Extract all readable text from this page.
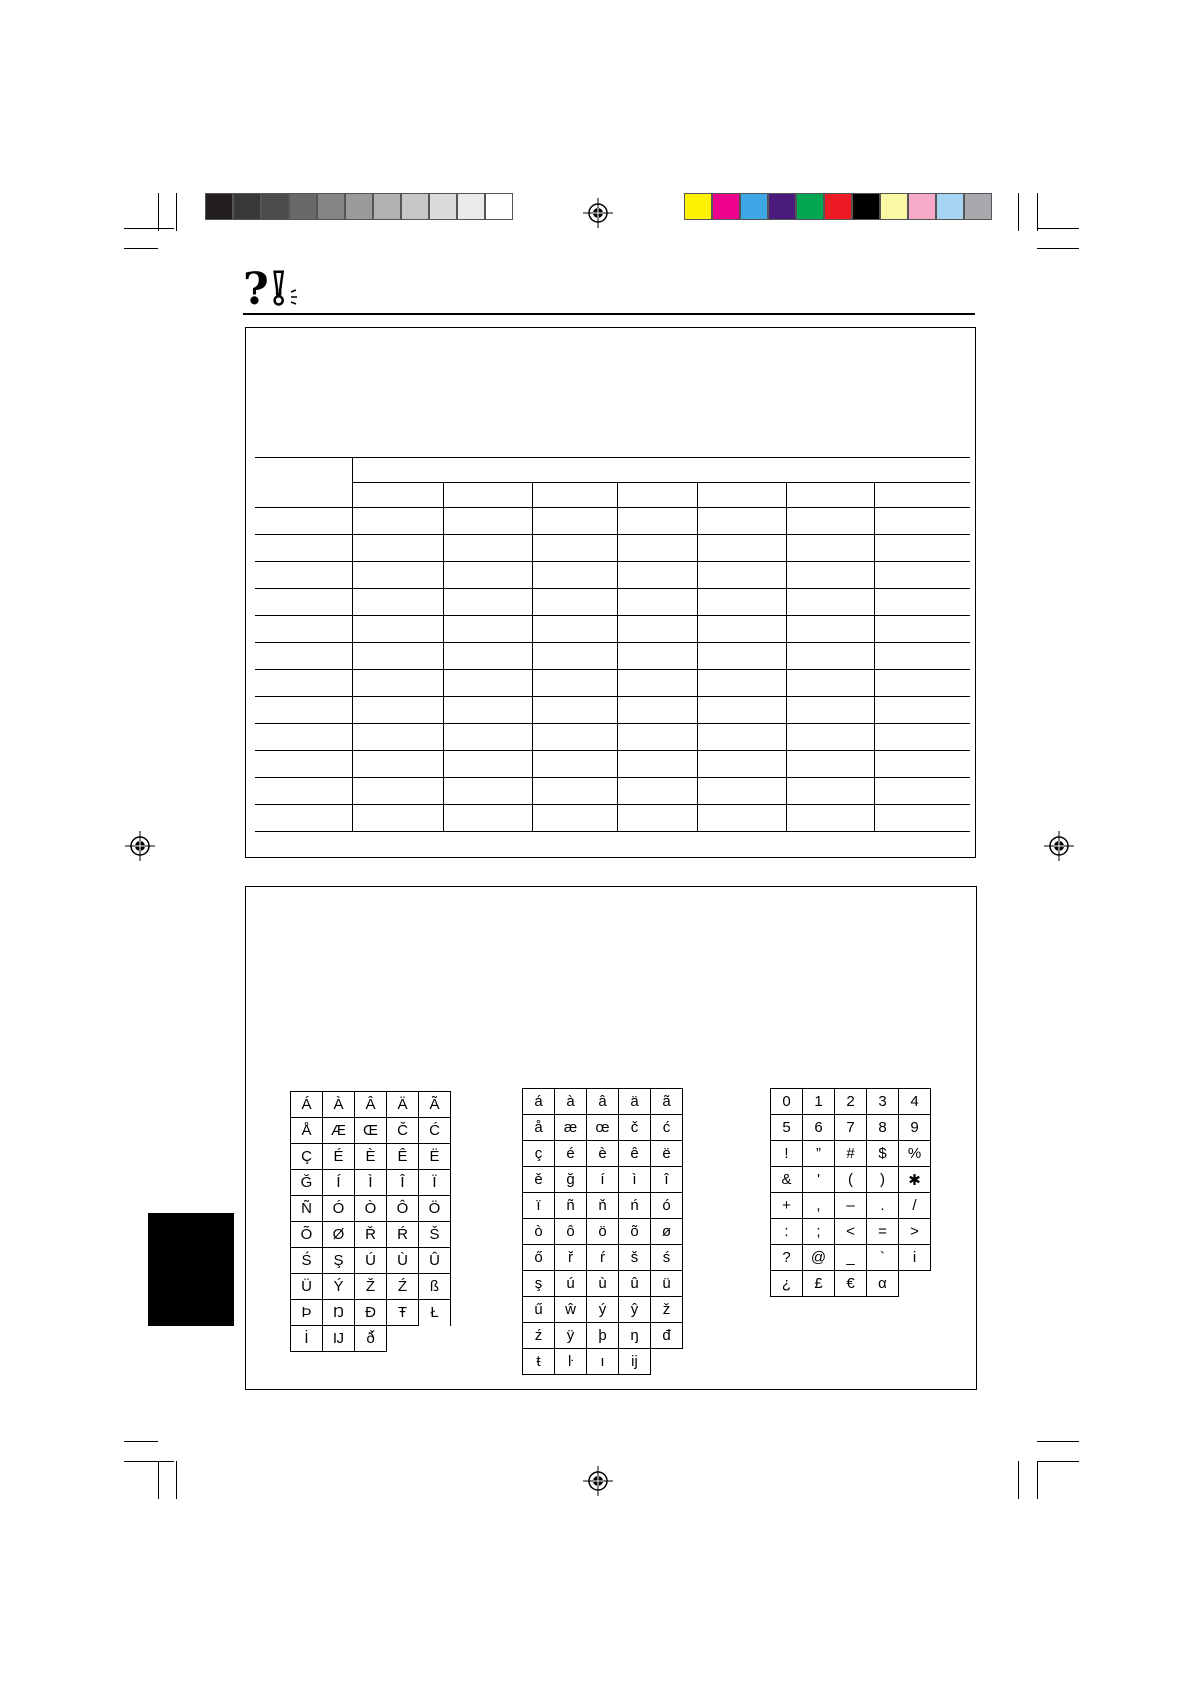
? !

Á	À	Â	Ä	Ã
Å	Æ	Œ	Č	Ć
Ç	É	È	Ê	Ë
Ğ	Í	Ì	Î	Ï
Ñ	Ó	Ò	Ô	Ö
Õ	Ø	Ř	Ŕ	Š
Ś	Ş	Ú	Ù	Û
Ü	Ý	Ž	Ź	ß
Þ	Ŋ	Ð	Ŧ	Ł
İ	Ĳ	ð̌		
á	à	â	ä	ã
å	æ	œ	č	ć
ç	é	è	ê	ë
ě	ğ	í	ì	î
ï	ñ	ň	ń	ó
ò	ô	ö	õ	ø
ő	ř	ŕ	š	ś
ş	ú	ù	û	ü
ű	ŵ	ý	ŷ	ž
ź	ÿ	þ	ŋ	đ
ŧ	ŀ	ı	ĳ	
0	1	2	3	4
5	6	7	8	9
!	”	#	$	%
&	'	(	)	✱
+	,	–	.	/
:	;	<	=	>
?	@	_	`	i
¿	£	€	α	
